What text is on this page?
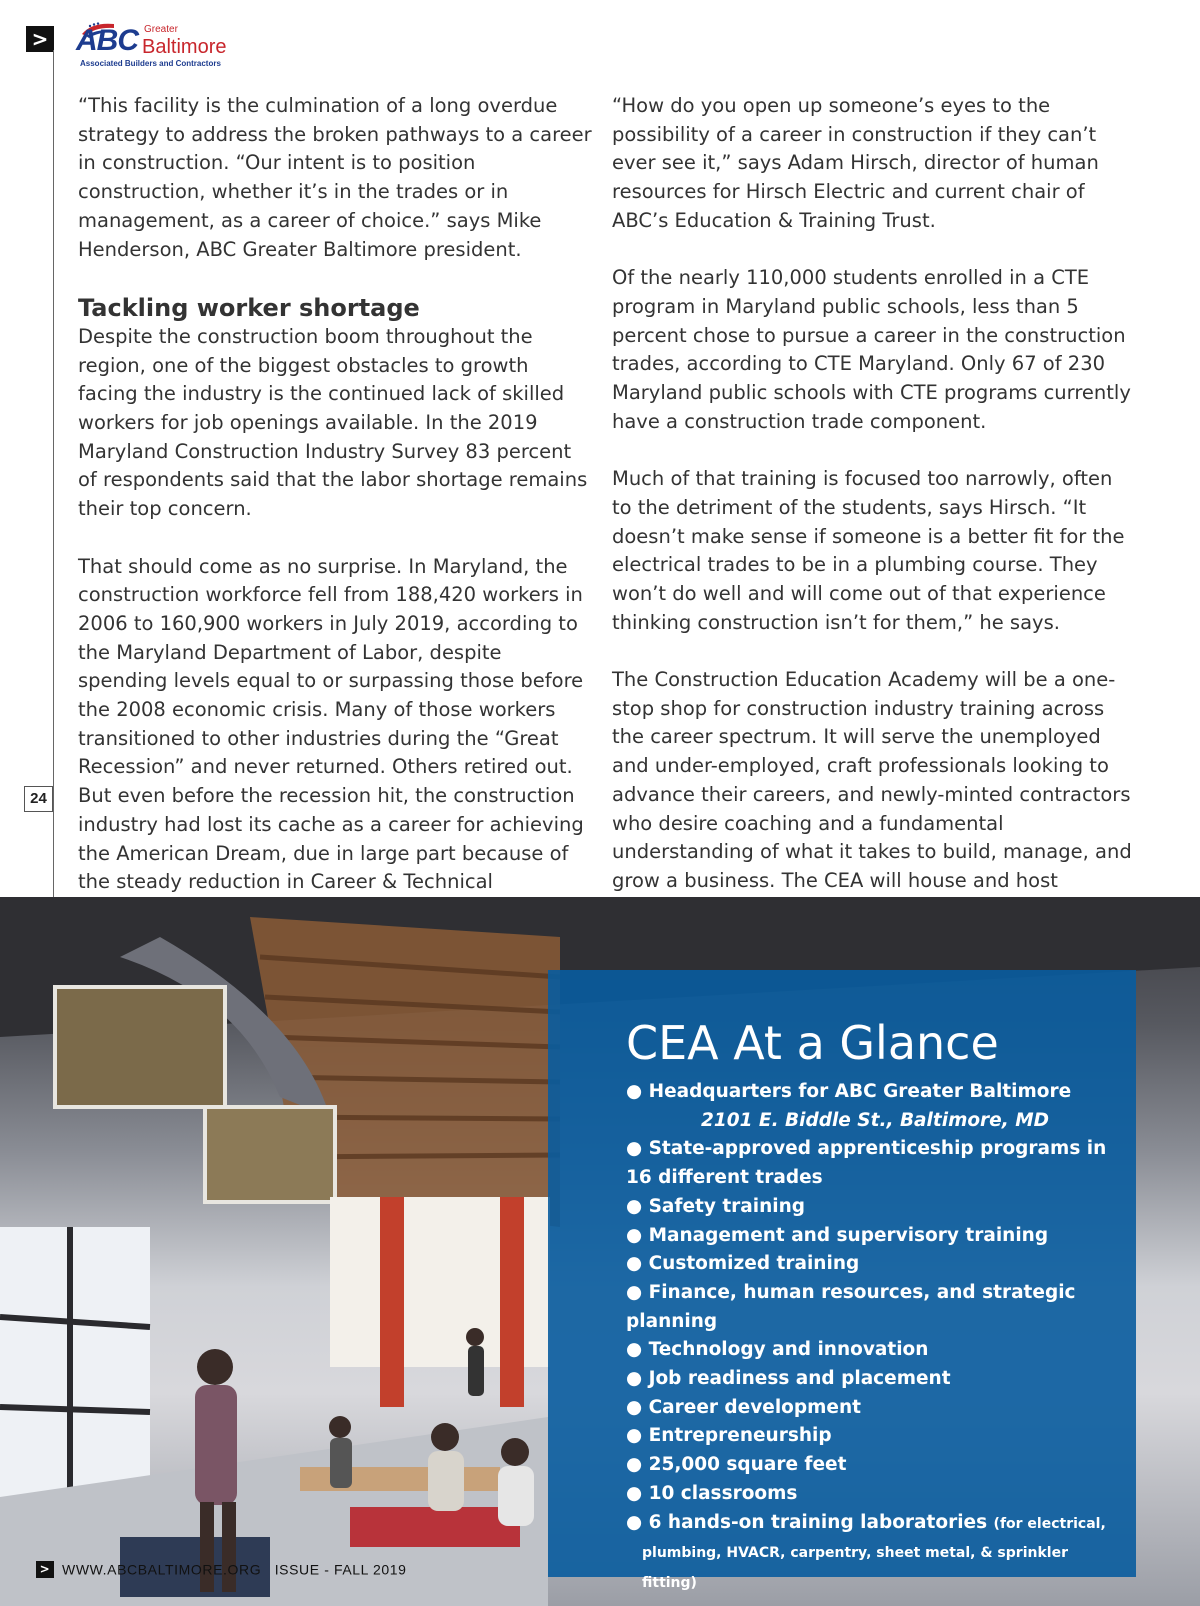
> ABC Greater
Baltimore
Associated Builders and Contractors
24

“This facility is the culmination of a long overdue strategy to address the broken pathways to a career in construction. “Our intent is to position construction, whether it’s in the trades or in management, as a career of choice.” says Mike Henderson, ABC Greater Baltimore president.

Tackling worker shortage

Despite the construction boom throughout the region, one of the biggest obstacles to growth facing the industry is the continued lack of skilled workers for job openings available. In the 2019 Maryland Construction Industry Survey 83 percent of respondents said that the labor shortage remains their top concern.

That should come as no surprise. In Maryland, the construction workforce fell from 188,420 workers in 2006 to 160,900 workers in July 2019, according to the Maryland Department of Labor, despite spending levels equal to or surpassing those before the 2008 economic crisis. Many of those workers transitioned to other industries during the “Great Recession” and never returned. Others retired out. But even before the recession hit, the construction industry had lost its cache as a career for achieving the American Dream, due in large part because of the steady reduction in Career & Technical

“How do you open up someone’s eyes to the possibility of a career in construction if they can’t ever see it,” says Adam Hirsch, director of human resources for Hirsch Electric and current chair of ABC’s Education & Training Trust.

Of the nearly 110,000 students enrolled in a CTE program in Maryland public schools, less than 5 percent chose to pursue a career in the construction trades, according to CTE Maryland. Only 67 of 230 Maryland public schools with CTE programs currently have a construction trade component.

Much of that training is focused too narrowly, often to the detriment of the students, says Hirsch. “It doesn’t make sense if someone is a better fit for the electrical trades to be in a plumbing course. They won’t do well and will come out of that experience thinking construction isn’t for them,” he says.

The Construction Education Academy will be a one-stop shop for construction industry training across the career spectrum. It will serve the unemployed and under-employed, craft professionals looking to advance their careers, and newly-minted contractors who desire coaching and a fundamental understanding of what it takes to build, manage, and grow a business. The CEA will house and host

CEA At a Glance
● Headquarters for ABC Greater Baltimore
2101 E. Biddle St., Baltimore, MD
● State-approved apprenticeship programs in 16 different trades
● Safety training
● Management and supervisory training
● Customized training
● Finance, human resources, and strategic planning
● Technology and innovation
● Job readiness and placement
● Career development
● Entrepreneurship
● 25,000 square feet
● 10 classrooms
● 6 hands-on training laboratories (for electrical,
plumbing, HVACR, carpentry, sheet metal, & sprinkler fitting)
> WWW.ABCBALTIMORE.ORG ISSUE - FALL 2019
